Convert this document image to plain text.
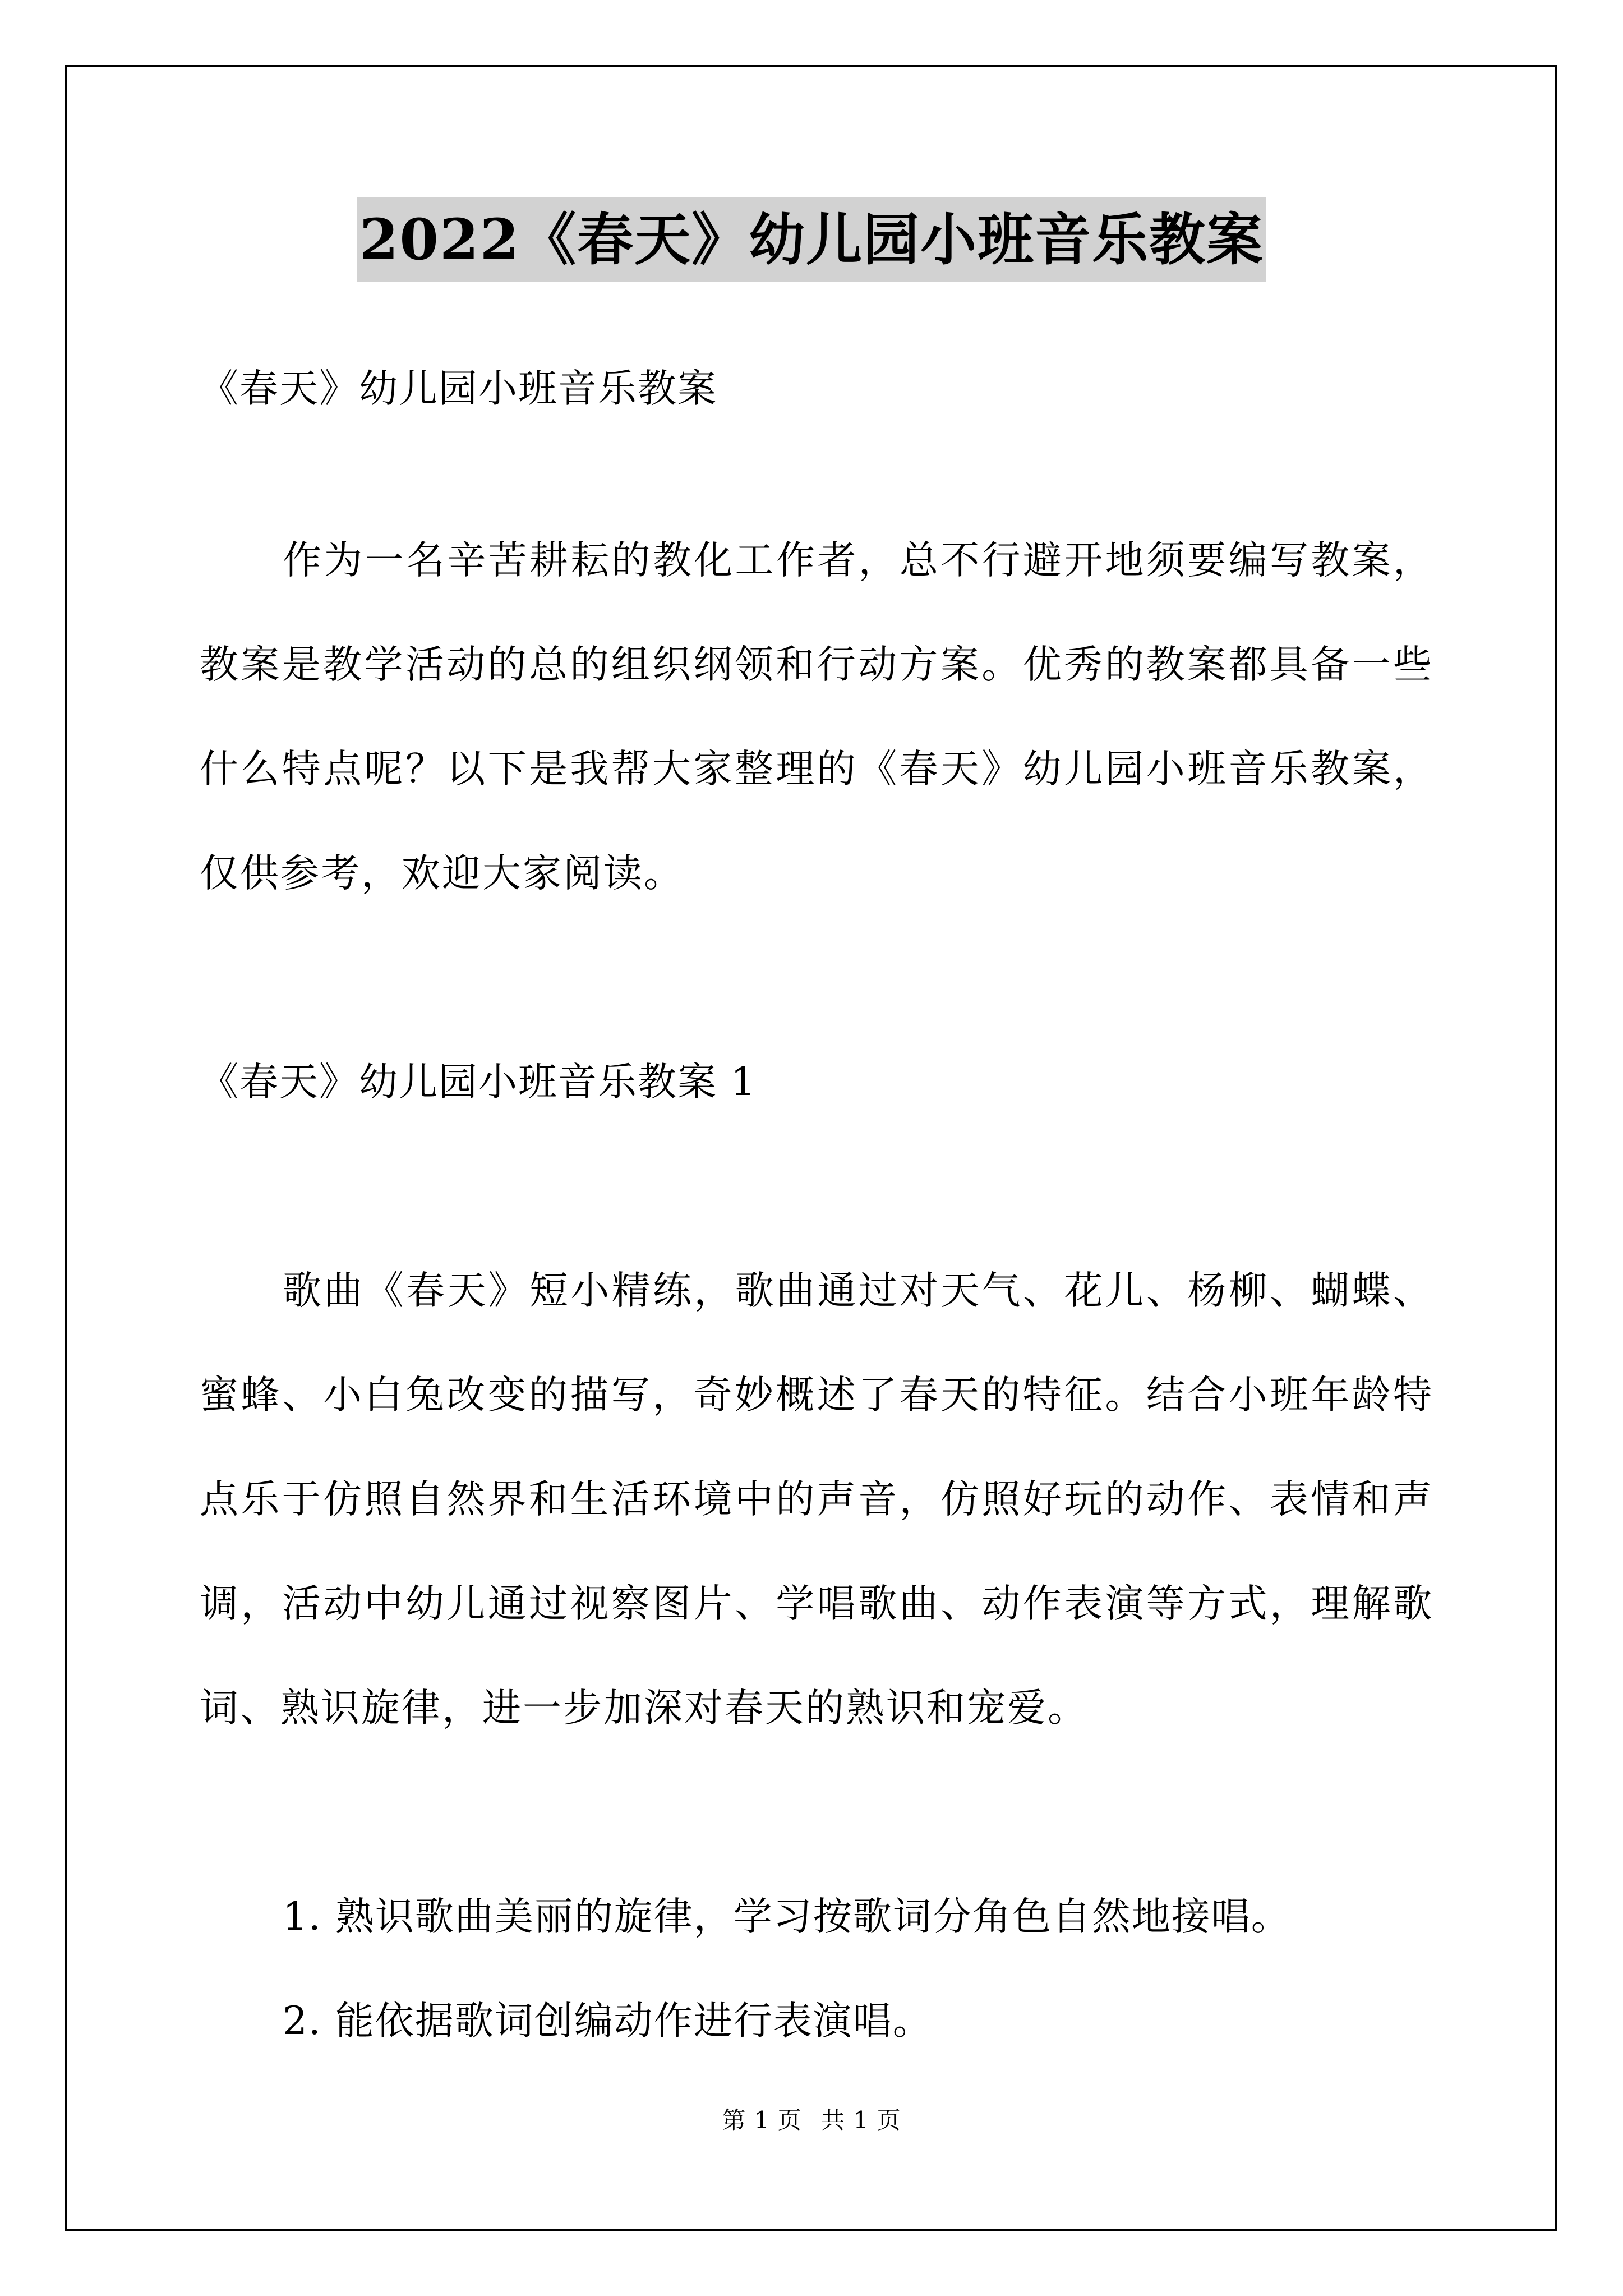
2022《春天》幼儿园小班音乐教案
《春天》幼儿园小班音乐教案

作为一名辛苦耕耘的教化工作者，总不行避开地须要编写教案，教案是教学活动的总的组织纲领和行动方案。优秀的教案都具备一些什么特点呢？以下是我帮大家整理的《春天》幼儿园小班音乐教案，仅供参考，欢迎大家阅读。

《春天》幼儿园小班音乐教案 1

歌曲《春天》短小精练，歌曲通过对天气、花儿、杨柳、蝴蝶、蜜蜂、小白兔改变的描写，奇妙概述了春天的特征。结合小班年龄特点乐于仿照自然界和生活环境中的声音，仿照好玩的动作、表情和声调，活动中幼儿通过视察图片、学唱歌曲、动作表演等方式，理解歌词、熟识旋律，进一步加深对春天的熟识和宠爱。

1. 熟识歌曲美丽的旋律，学习按歌词分角色自然地接唱。
2. 能依据歌词创编动作进行表演唱。
第 1 页 共 1 页
